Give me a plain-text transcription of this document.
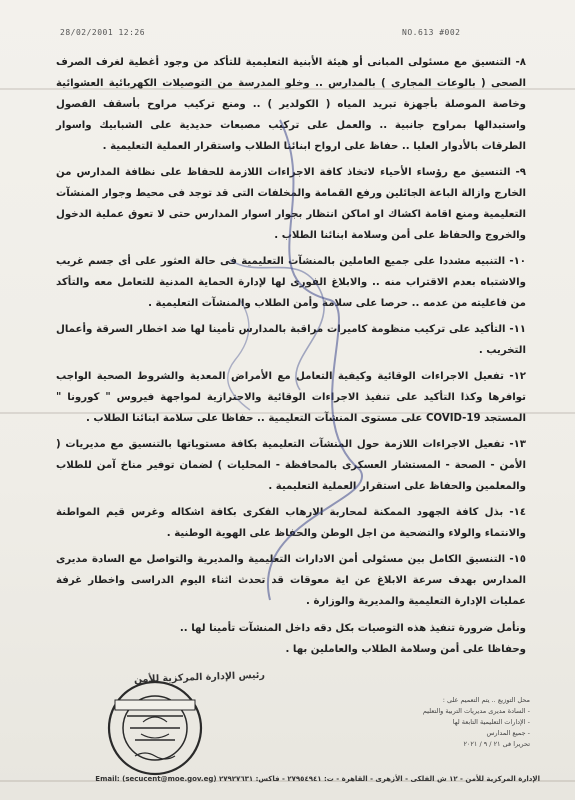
28/02/2001 12:26	NO.613 #002
٨- التنسيق مع مسئولى المبانى أو هيئة الأبنية التعليمية للتأكد من وجود أغطية لغرف الصرف الصحى ( بالوعات المجارى ) بالمدارس .. وخلو المدرسة من التوصيلات الكهربائية العشوائية وخاصة الموصلة بأجهزة تبريد المياه ( الكولدير ) .. ومنع تركيب مراوح بأسقف الفصول واستبدالها بمراوح جانبية .. والعمل على تركيب مصبعات حديدية على الشبابيك واسوار الطرقات بالأدوار العليا .. حفاظ على ارواح ابنائنا الطلاب واستقرار العملية التعليمية .
٩- التنسيق مع رؤساء الأحياء لاتخاذ كافة الاجراءات اللازمة للحفاظ على نظافة المدارس من الخارج وازالة الباعة الجائلين ورفع القمامة والمخلفات التى قد توجد فى محيط وجوار المنشآت التعليمية ومنع اقامة اكشاك او اماكن انتظار بجوار اسوار المدارس حتى لا تعوق عملية الدخول والخروج والحفاظ على أمن وسلامة ابنائنا الطلاب .
١٠- التنبيه مشددا على جميع العاملين بالمنشآت التعليمية فى حالة العثور على أى جسم غريب والاشتباه بعدم الاقتراب منه .. والابلاغ الفورى لها لإدارة الحماية المدنية للتعامل معه والتأكد من فاعليته من عدمه .. حرصا على سلامة وأمن الطلاب والمنشآت التعليمية .
١١- التأكيد على تركيب منظومة كاميرات مراقبة بالمدارس تأمينا لها ضد اخطار السرقة وأعمال التخريب .
١٢- تفعيل الاجراءات الوقائية وكيفية التعامل مع الأمراض المعدية والشروط الصحية الواجب توافرها وكذا التأكيد على تنفيذ الاجراءات الوقائية والاحترازية لمواجهة فيروس " كورونا " المستجد COVID-19 على مستوى المنشآت التعليمية .. حفاظا على سلامة ابنائنا الطلاب .
١٣- تفعيل الاجراءات اللازمة حول المنشآت التعليمية بكافة مستوياتها بالتنسيق مع مديريات ( الأمن - الصحة - المستشار العسكرى بالمحافظة - المحليات ) لضمان توفير مناخ آمن للطلاب والمعلمين والحفاظ على استقرار العملية التعليمية .
١٤- بذل كافة الجهود الممكنة لمحاربة الارهاب الفكرى بكافة اشكاله وغرس قيم المواطنة والانتماء والولاء والتضحية من اجل الوطن والحفاظ على الهوية الوطنية .
١٥- التنسيق الكامل بين مسئولى أمن الادارات التعليمية والمديرية والتواصل مع السادة مديرى المدارس بهدف سرعة الابلاغ عن اية معوقات قد تحدث اثناء اليوم الدراسى واخطار غرفة عمليات الإدارة التعليمية والمديرية والوزارة .
ونأمل ضرورة تنفيذ هذه التوصيات بكل دقه داخل المنشآت تأمينا لها ..
وحفاظا على أمن وسلامة الطلاب والعاملين بها .
رئيس الإدارة المركزية للأمن
محل التوزيع .. يتم التعميم على :
- السادة مديرى مديريات التربية والتعليم
- الإدارات التعليمية التابعة لها
- جميع المدارس
تحريرا فى ٢١ / ٩ / ٢٠٢١
الإدارة المركزية للأمن - ١٢ ش الفلكى - الأزهرى - القاهرة - ت: ٢٧٩٥٤٩٤١ - فاكس: ٢٧٩٢٧٦٣١ Email: (secucent@moe.gov.eg)
